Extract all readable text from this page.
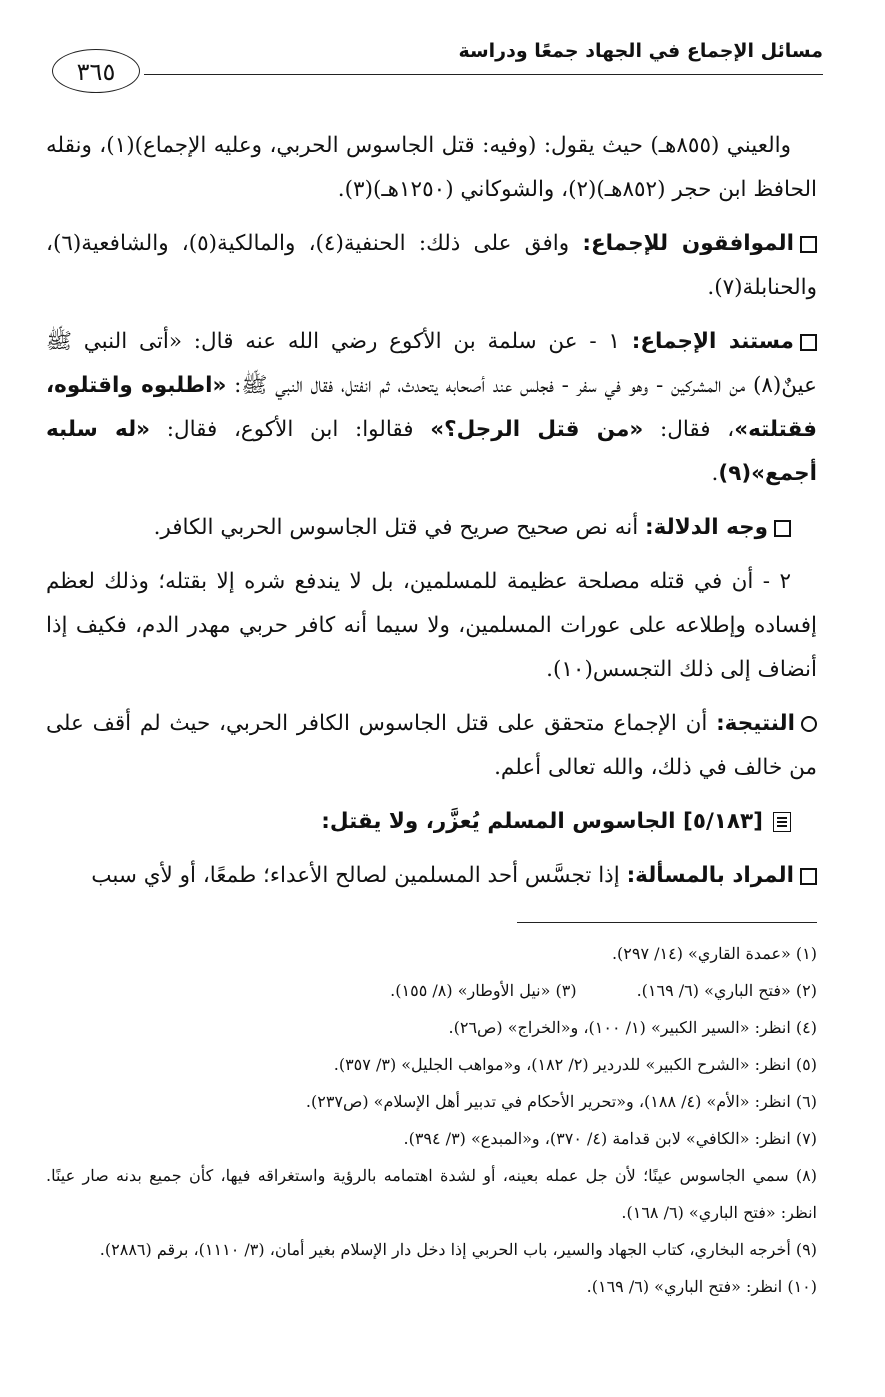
مسائل الإجماع في الجهاد جمعًا ودراسة
٣٦٥

والعيني (٨٥٥هـ) حيث يقول: (وفيه: قتل الجاسوس الحربي، وعليه الإجماع)(١)، ونقله الحافظ ابن حجر (٨٥٢هـ)(٢)، والشوكاني (١٢٥٠هـ)(٣).

الموافقون للإجماع: وافق على ذلك: الحنفية(٤)، والمالكية(٥)، والشافعية(٦)، والحنابلة(٧).

مستند الإجماع: ١ - عن سلمة بن الأكوع رضي الله عنه قال: «أتى النبي ﷺ عينٌ(٨) من المشركين - وهو في سفر - فجلس عند أصحابه يتحدث، ثم انفتل، فقال النبي ﷺ: «اطلبوه واقتلوه، فقتلته»، فقال: «من قتل الرجل؟» فقالوا: ابن الأكوع، فقال: «له سلبه أجمع»(٩).

وجه الدلالة: أنه نص صحيح صريح في قتل الجاسوس الحربي الكافر.

٢ - أن في قتله مصلحة عظيمة للمسلمين، بل لا يندفع شره إلا بقتله؛ وذلك لعظم إفساده وإطلاعه على عورات المسلمين، ولا سيما أنه كافر حربي مهدر الدم، فكيف إذا أنضاف إلى ذلك التجسس(١٠).

النتيجة: أن الإجماع متحقق على قتل الجاسوس الكافر الحربي، حيث لم أقف على من خالف في ذلك، والله تعالى أعلم.

[٥/١٨٣] الجاسوس المسلم يُعزَّر، ولا يقتل:

المراد بالمسألة: إذا تجسَّس أحد المسلمين لصالح الأعداء؛ طمعًا، أو لأي سبب

(١) «عمدة القاري» (١٤/ ٢٩٧).

(٢) «فتح الباري» (٦/ ١٦٩).

(٣) «نيل الأوطار» (٨/ ١٥٥).

(٤) انظر: «السير الكبير» (١/ ١٠٠)، و«الخراج» (ص٢٦).

(٥) انظر: «الشرح الكبير» للدردير (٢/ ١٨٢)، و«مواهب الجليل» (٣/ ٣٥٧).

(٦) انظر: «الأم» (٤/ ١٨٨)، و«تحرير الأحكام في تدبير أهل الإسلام» (ص٢٣٧).

(٧) انظر: «الكافي» لابن قدامة (٤/ ٣٧٠)، و«المبدع» (٣/ ٣٩٤).

(٨) سمي الجاسوس عينًا؛ لأن جل عمله بعينه، أو لشدة اهتمامه بالرؤية واستغراقه فيها، كأن جميع بدنه صار عينًا. انظر: «فتح الباري» (٦/ ١٦٨).

(٩) أخرجه البخاري، كتاب الجهاد والسير، باب الحربي إذا دخل دار الإسلام بغير أمان، (٣/ ١١١٠)، برقم (٢٨٨٦).

(١٠) انظر: «فتح الباري» (٦/ ١٦٩).
